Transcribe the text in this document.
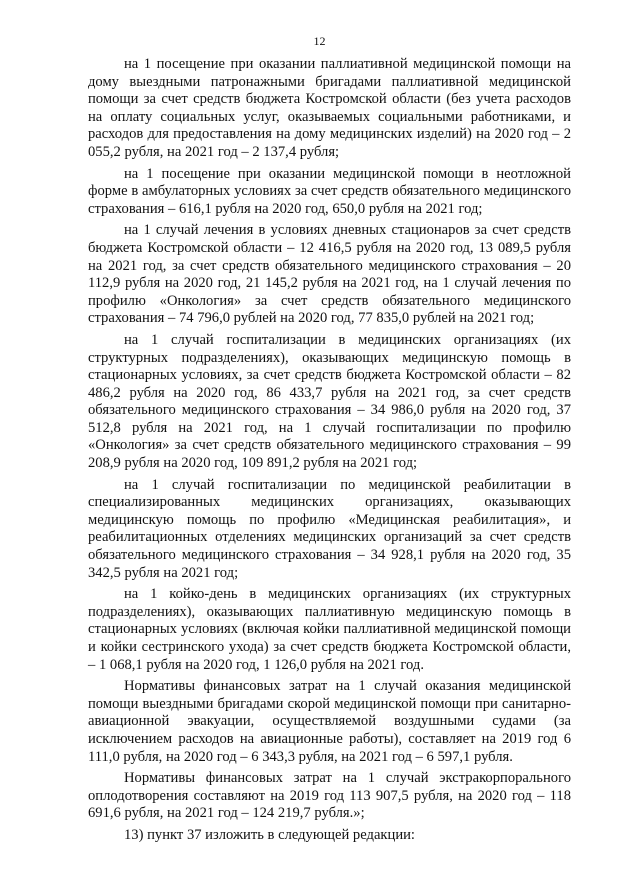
12

на 1 посещение при оказании паллиативной медицинской помощи на дому выездными патронажными бригадами паллиативной медицинской помощи за счет средств бюджета Костромской области (без учета расходов на оплату социальных услуг, оказываемых социальными работниками, и расходов для предоставления на дому медицинских изделий) на 2020 год – 2 055,2 рубля, на 2021 год – 2 137,4 рубля;

на 1 посещение при оказании медицинской помощи в неотложной форме в амбулаторных условиях за счет средств обязательного медицинского страхования – 616,1 рубля на 2020 год, 650,0 рубля на 2021 год;

на 1 случай лечения в условиях дневных стационаров за счет средств бюджета Костромской области – 12 416,5 рубля на 2020 год, 13 089,5 рубля на 2021 год, за счет средств обязательного медицинского страхования – 20 112,9 рубля на 2020 год, 21 145,2 рубля на 2021 год, на 1 случай лечения по профилю «Онкология» за счет средств обязательного медицинского страхования – 74 796,0 рублей на 2020 год, 77 835,0 рублей на 2021 год;

на 1 случай госпитализации в медицинских организациях (их структурных подразделениях), оказывающих медицинскую помощь в стационарных условиях, за счет средств бюджета Костромской области – 82 486,2 рубля на 2020 год, 86 433,7 рубля на 2021 год, за счет средств обязательного медицинского страхования – 34 986,0 рубля на 2020 год, 37 512,8 рубля на 2021 год, на 1 случай госпитализации по профилю «Онкология» за счет средств обязательного медицинского страхования – 99 208,9 рубля на 2020 год, 109 891,2 рубля на 2021 год;

на 1 случай госпитализации по медицинской реабилитации в специализированных медицинских организациях, оказывающих медицинскую помощь по профилю «Медицинская реабилитация», и реабилитационных отделениях медицинских организаций за счет средств обязательного медицинского страхования – 34 928,1 рубля на 2020 год, 35 342,5 рубля на 2021 год;

на 1 койко-день в медицинских организациях (их структурных подразделениях), оказывающих паллиативную медицинскую помощь в стационарных условиях (включая койки паллиативной медицинской помощи и койки сестринского ухода) за счет средств бюджета Костромской области, – 1 068,1 рубля на 2020 год, 1 126,0 рубля на 2021 год.

Нормативы финансовых затрат на 1 случай оказания медицинской помощи выездными бригадами скорой медицинской помощи при санитарно-авиационной эвакуации, осуществляемой воздушными судами (за исключением расходов на авиационные работы), составляет на 2019 год 6 111,0 рубля, на 2020 год – 6 343,3 рубля, на 2021 год – 6 597,1 рубля.

Нормативы финансовых затрат на 1 случай экстракорпорального оплодотворения составляют на 2019 год 113 907,5 рубля, на 2020 год – 118 691,6 рубля, на 2021 год – 124 219,7 рубля.»;

13) пункт 37 изложить в следующей редакции:
